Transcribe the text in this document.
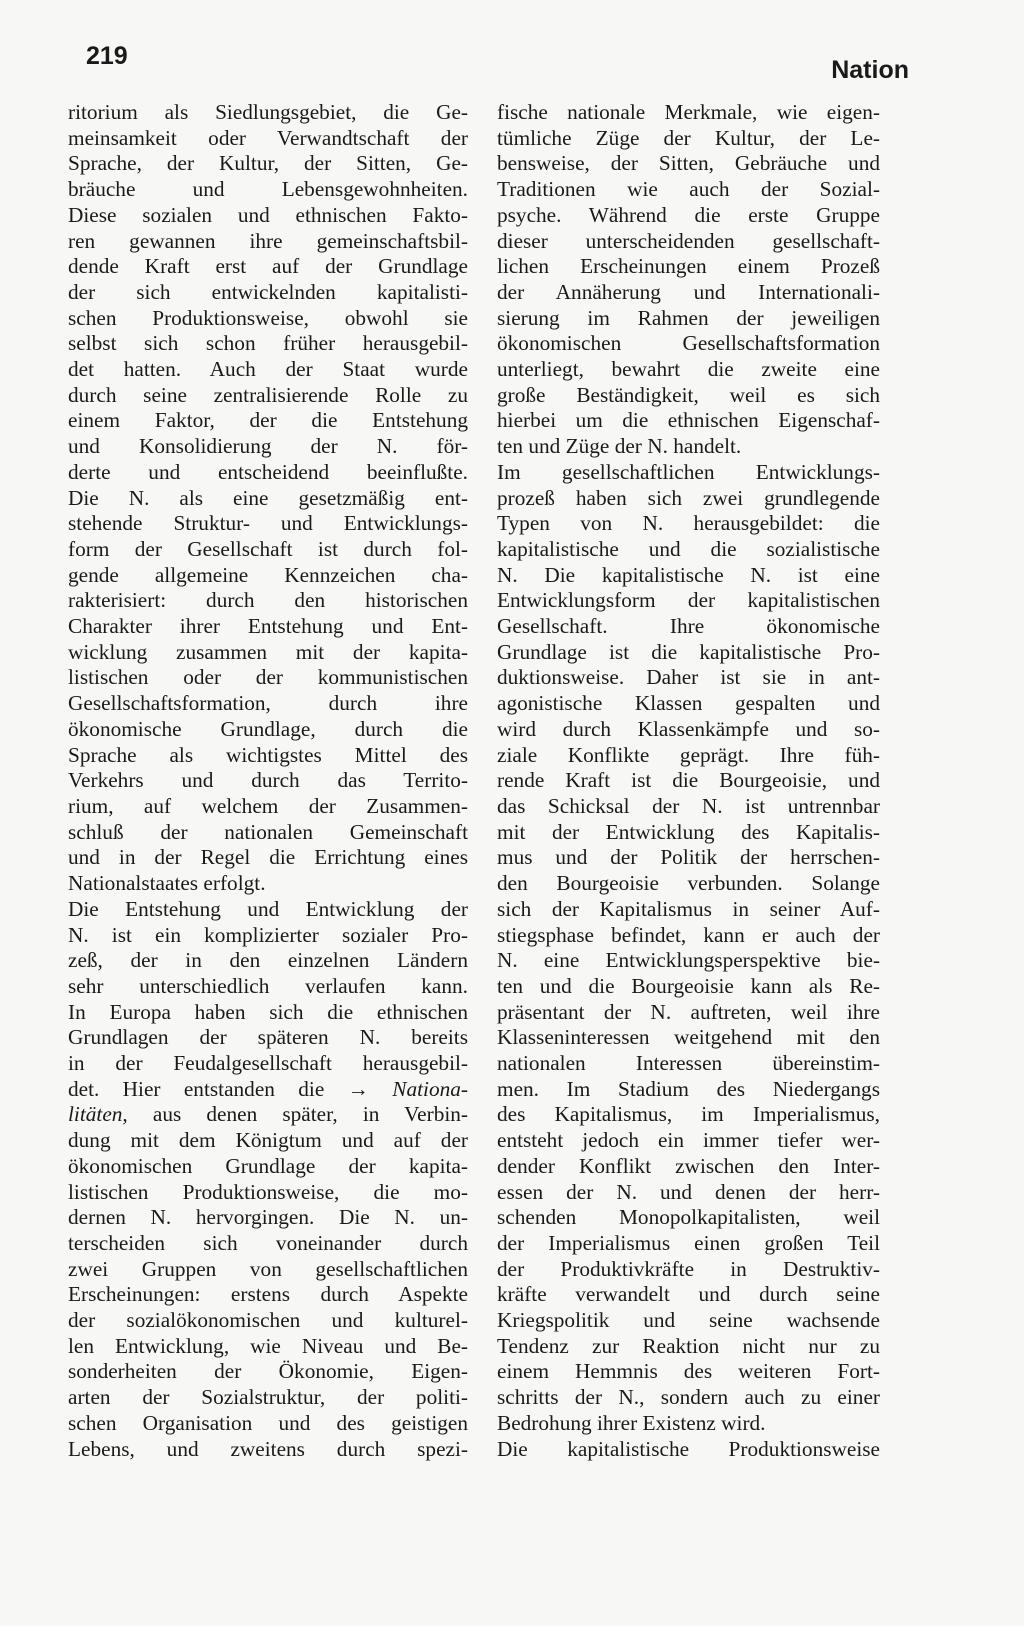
219	Nation
ritorium als Siedlungsgebiet, die Ge-
meinsamkeit oder Verwandtschaft der
Sprache, der Kultur, der Sitten, Ge-
bräuche und Lebensgewohnheiten.
Diese sozialen und ethnischen Fakto-
ren gewannen ihre gemeinschaftsbil-
dende Kraft erst auf der Grundlage
der sich entwickelnden kapitalisti-
schen Produktionsweise, obwohl sie
selbst sich schon früher herausgebil-
det hatten. Auch der Staat wurde
durch seine zentralisierende Rolle zu
einem Faktor, der die Entstehung
und Konsolidierung der N. för-
derte und entscheidend beeinflußte.
Die N. als eine gesetzmäßig ent-
stehende Struktur- und Entwicklungs-
form der Gesellschaft ist durch fol-
gende allgemeine Kennzeichen cha-
rakterisiert: durch den historischen
Charakter ihrer Entstehung und Ent-
wicklung zusammen mit der kapita-
listischen oder der kommunistischen
Gesellschaftsformation, durch ihre
ökonomische Grundlage, durch die
Sprache als wichtigstes Mittel des
Verkehrs und durch das Territo-
rium, auf welchem der Zusammen-
schluß der nationalen Gemeinschaft
und in der Regel die Errichtung eines
Nationalstaates erfolgt.
Die Entstehung und Entwicklung der
N. ist ein komplizierter sozialer Pro-
zeß, der in den einzelnen Ländern
sehr unterschiedlich verlaufen kann.
In Europa haben sich die ethnischen
Grundlagen der späteren N. bereits
in der Feudalgesellschaft herausgebil-
det. Hier entstanden die → Nationa-
litäten, aus denen später, in Verbin-
dung mit dem Königtum und auf der
ökonomischen Grundlage der kapita-
listischen Produktionsweise, die mo-
dernen N. hervorgingen. Die N. un-
terscheiden sich voneinander durch
zwei Gruppen von gesellschaftlichen
Erscheinungen: erstens durch Aspekte
der sozialökonomischen und kulturel-
len Entwicklung, wie Niveau und Be-
sonderheiten der Ökonomie, Eigen-
arten der Sozialstruktur, der politi-
schen Organisation und des geistigen
Lebens, und zweitens durch spezi-
fische nationale Merkmale, wie eigen-
tümliche Züge der Kultur, der Le-
bensweise, der Sitten, Gebräuche und
Traditionen wie auch der Sozial-
psyche. Während die erste Gruppe
dieser unterscheidenden gesellschaft-
lichen Erscheinungen einem Prozeß
der Annäherung und Internationali-
sierung im Rahmen der jeweiligen
ökonomischen Gesellschaftsformation
unterliegt, bewahrt die zweite eine
große Beständigkeit, weil es sich
hierbei um die ethnischen Eigenschaf-
ten und Züge der N. handelt.
Im gesellschaftlichen Entwicklungs-
prozeß haben sich zwei grundlegende
Typen von N. herausgebildet: die
kapitalistische und die sozialistische
N. Die kapitalistische N. ist eine
Entwicklungsform der kapitalistischen
Gesellschaft. Ihre ökonomische
Grundlage ist die kapitalistische Pro-
duktionsweise. Daher ist sie in ant-
agonistische Klassen gespalten und
wird durch Klassenkämpfe und so-
ziale Konflikte geprägt. Ihre füh-
rende Kraft ist die Bourgeoisie, und
das Schicksal der N. ist untrennbar
mit der Entwicklung des Kapitalis-
mus und der Politik der herrschen-
den Bourgeoisie verbunden. Solange
sich der Kapitalismus in seiner Auf-
stiegsphase befindet, kann er auch der
N. eine Entwicklungsperspektive bie-
ten und die Bourgeoisie kann als Re-
präsentant der N. auftreten, weil ihre
Klasseninteressen weitgehend mit den
nationalen Interessen übereinstim-
men. Im Stadium des Niedergangs
des Kapitalismus, im Imperialismus,
entsteht jedoch ein immer tiefer wer-
dender Konflikt zwischen den Inter-
essen der N. und denen der herr-
schenden Monopolkapitalisten, weil
der Imperialismus einen großen Teil
der Produktivkräfte in Destruktiv-
kräfte verwandelt und durch seine
Kriegspolitik und seine wachsende
Tendenz zur Reaktion nicht nur zu
einem Hemmnis des weiteren Fort-
schritts der N., sondern auch zu einer
Bedrohung ihrer Existenz wird.
Die kapitalistische Produktionsweise
